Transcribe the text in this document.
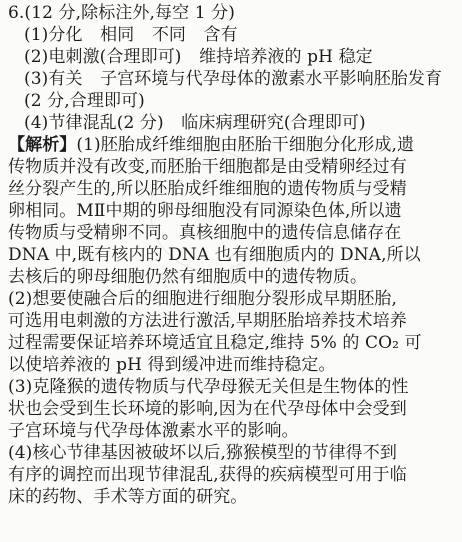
6.(12 分,除标注外,每空 1 分)
(1)分化 相同 不同 含有
(2)电刺激(合理即可) 维持培养液的 pH 稳定
(3)有关 子宫环境与代孕母体的激素水平影响胚胎发育
(2 分,合理即可)
(4)节律混乱(2 分) 临床病理研究(合理即可)
【解析】(1)胚胎成纤维细胞由胚胎干细胞分化形成,遗
传物质并没有改变,而胚胎干细胞都是由受精卵经过有
丝分裂产生的,所以胚胎成纤维细胞的遗传物质与受精
卵相同。MⅡ中期的卵母细胞没有同源染色体,所以遗
传物质与受精卵不同。真核细胞中的遗传信息储存在
DNA 中,既有核内的 DNA 也有细胞质内的 DNA,所以
去核后的卵母细胞仍然有细胞质中的遗传物质。
(2)想要使融合后的细胞进行细胞分裂形成早期胚胎,
可选用电刺激的方法进行激活,早期胚胎培养技术培养
过程需要保证培养环境适宜且稳定,维持 5% 的 CO₂ 可
以使培养液的 pH 得到缓冲进而维持稳定。
(3)克隆猴的遗传物质与代孕母猴无关但是生物体的性
状也会受到生长环境的影响,因为在代孕母体中会受到
子宫环境与代孕母体激素水平的影响。
(4)核心节律基因被破坏以后,猕猴模型的节律得不到
有序的调控而出现节律混乱,获得的疾病模型可用于临
床的药物、手术等方面的研究。
